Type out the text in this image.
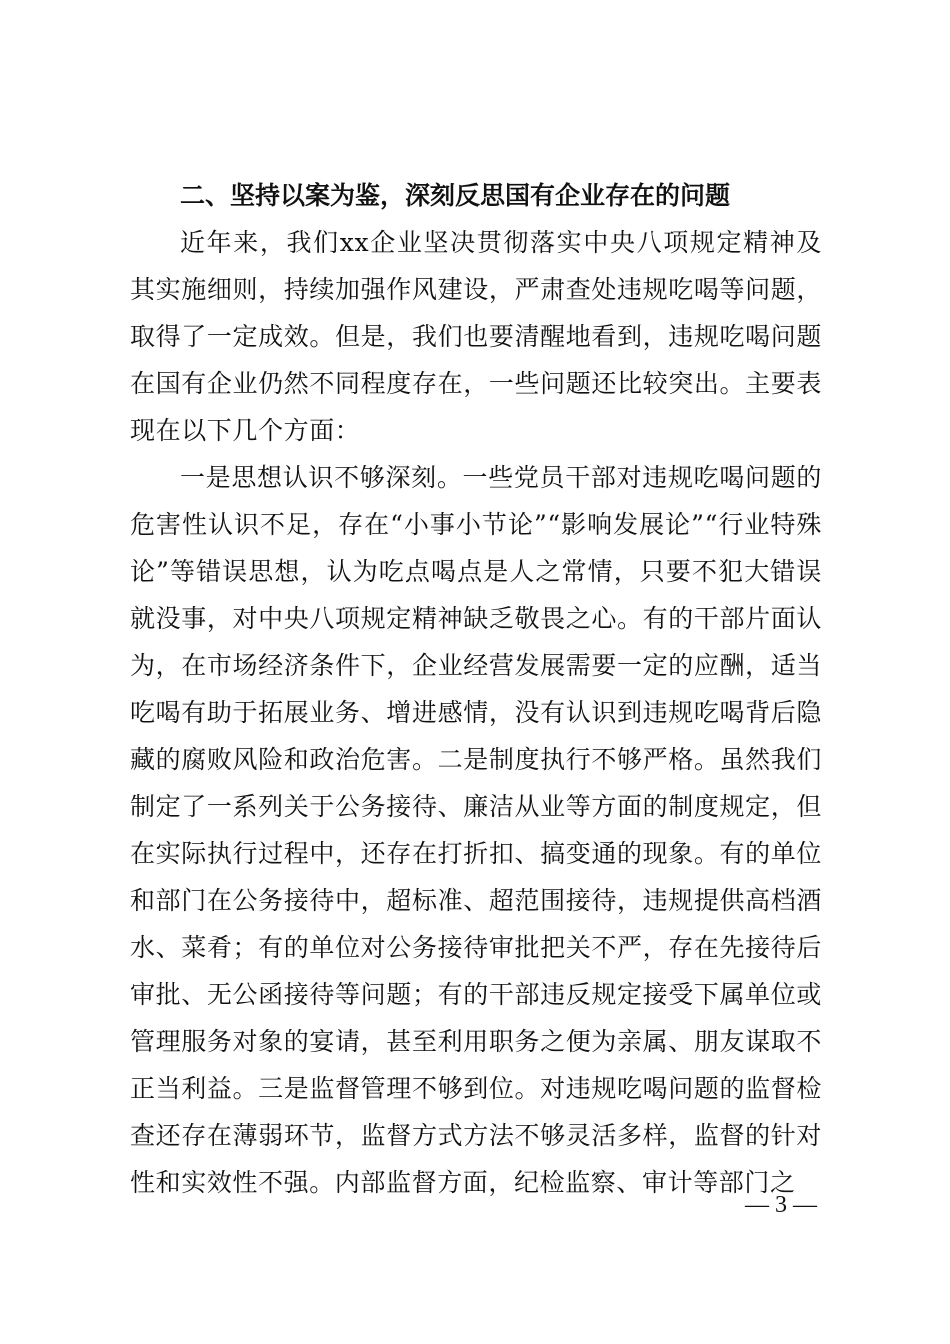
二、坚持以案为鉴，深刻反思国有企业存在的问题

近年来，我们xx企业坚决贯彻落实中央八项规定精神及其实施细则，持续加强作风建设，严肃查处违规吃喝等问题，取得了一定成效。但是，我们也要清醒地看到，违规吃喝问题在国有企业仍然不同程度存在，一些问题还比较突出。主要表现在以下几个方面：

一是思想认识不够深刻。一些党员干部对违规吃喝问题的危害性认识不足，存在“小事小节论”“影响发展论”“行业特殊论”等错误思想，认为吃点喝点是人之常情，只要不犯大错误就没事，对中央八项规定精神缺乏敬畏之心。有的干部片面认为，在市场经济条件下，企业经营发展需要一定的应酬，适当吃喝有助于拓展业务、增进感情，没有认识到违规吃喝背后隐藏的腐败风险和政治危害。二是制度执行不够严格。虽然我们制定了一系列关于公务接待、廉洁从业等方面的制度规定，但在实际执行过程中，还存在打折扣、搞变通的现象。有的单位和部门在公务接待中，超标准、超范围接待，违规提供高档酒水、菜肴；有的单位对公务接待审批把关不严，存在先接待后审批、无公函接待等问题；有的干部违反规定接受下属单位或管理服务对象的宴请，甚至利用职务之便为亲属、朋友谋取不正当利益。三是监督管理不够到位。对违规吃喝问题的监督检查还存在薄弱环节，监督方式方法不够灵活多样，监督的针对性和实效性不强。内部监督方面，纪检监察、审计等部门之

— 3 —
